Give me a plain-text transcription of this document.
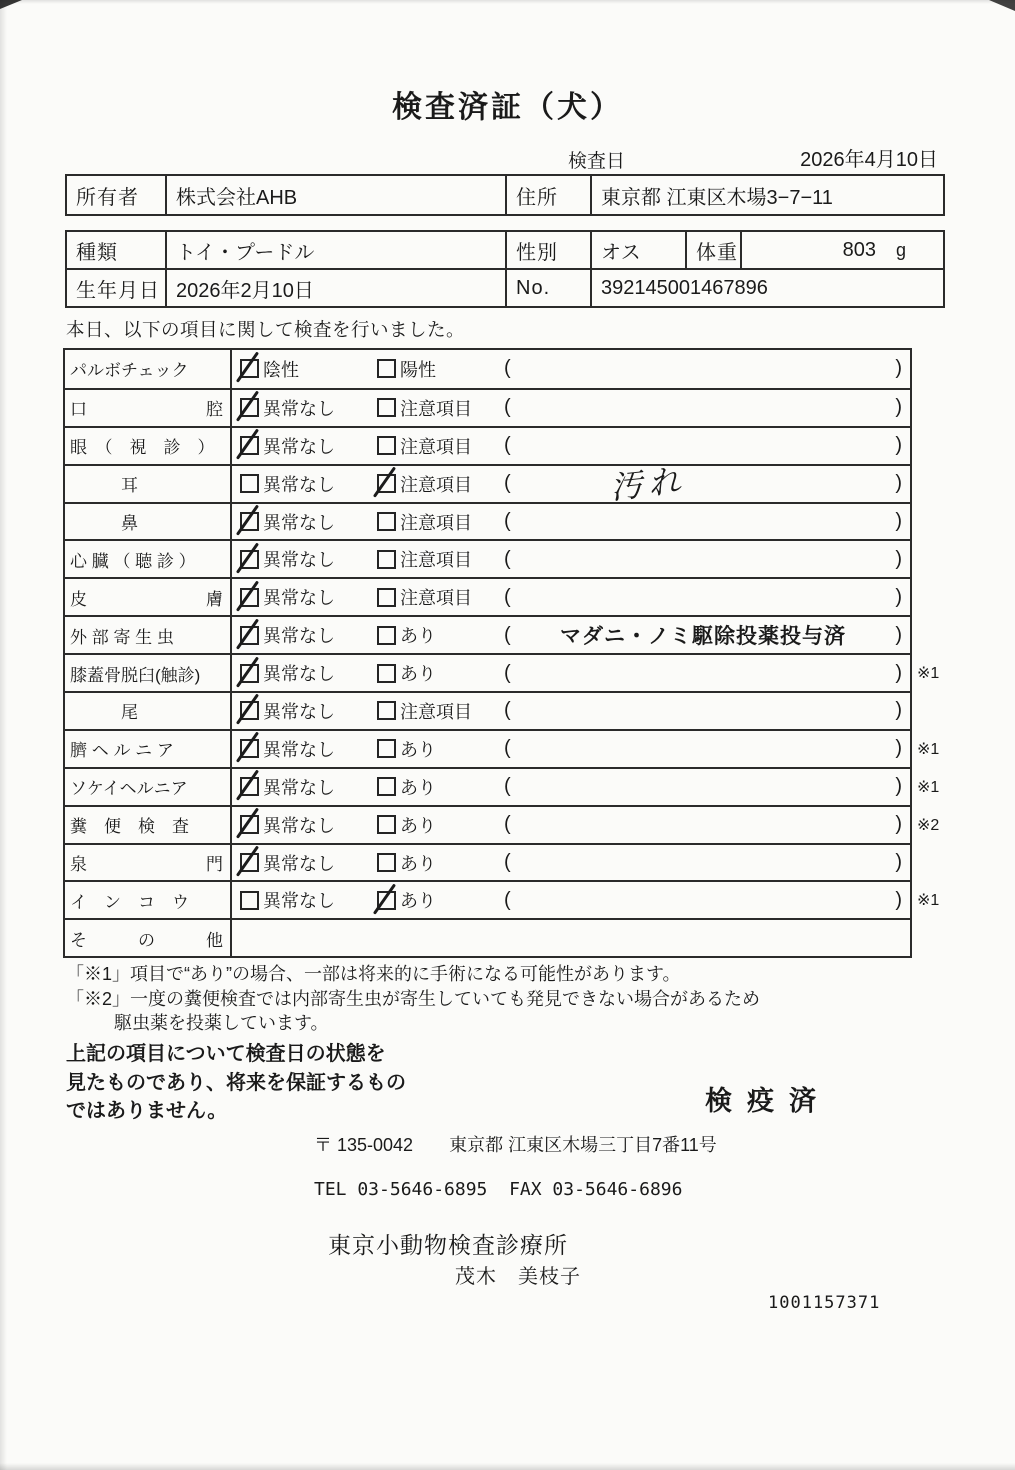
検査済証（犬）
検査日	2026年4月10日
所有者	株式会社AHB	住所	東京都 江東区木場3−7−11
種類	トイ・プードル	性別	オス	体重	803 g

生年月日	2026年2月10日	No.	392145001467896		
本日、以下の項目に関して検査を行いました。
パルボチェック	陰性	陽性	(	)
口　　　　　　　腔	異常なし	注意項目 (	)
眼　（　視　診　）	異常なし	注意項目 (	)
　　　耳	異常なし	注意項目 (	汚れ	)
　　　鼻	異常なし	注意項目 (	)
心 臓 （ 聴 診 ）	異常なし	注意項目 (	)
皮　　　　　　　膚	異常なし	注意項目 (	)
外 部 寄 生 虫	異常なし	あり	(	マダニ・ノミ駆除投薬投与済	)
膝蓋骨脱臼(触診)	異常なし	あり	(	) ※1
　　　尾	異常なし	注意項目 (	)
臍 ヘ ル ニ ア	異常なし	あり	(	) ※1
ソケイヘルニア	異常なし	あり	(	) ※1
糞　便　検　査	異常なし	あり	(	) ※2
泉　　　　　　　門	異常なし	あり	(	)
イ　ン　コ　ウ	異常なし	あり	(	) ※1
そ　　　の　　　他
「※1」項目で“あり”の場合、一部は将来的に手術になる可能性があります。
「※2」一度の糞便検査では内部寄生虫が寄生していても発見できない場合があるため
駆虫薬を投薬しています。
上記の項目について検査日の状態を
見たものであり、将来を保証するもの
ではありません。	検疫済
〒 135-0042　　東京都 江東区木場三丁目7番11号
TEL 03-5646-6895  FAX 03-5646-6896
東京小動物検査診療所
茂木　美枝子
1001157371
